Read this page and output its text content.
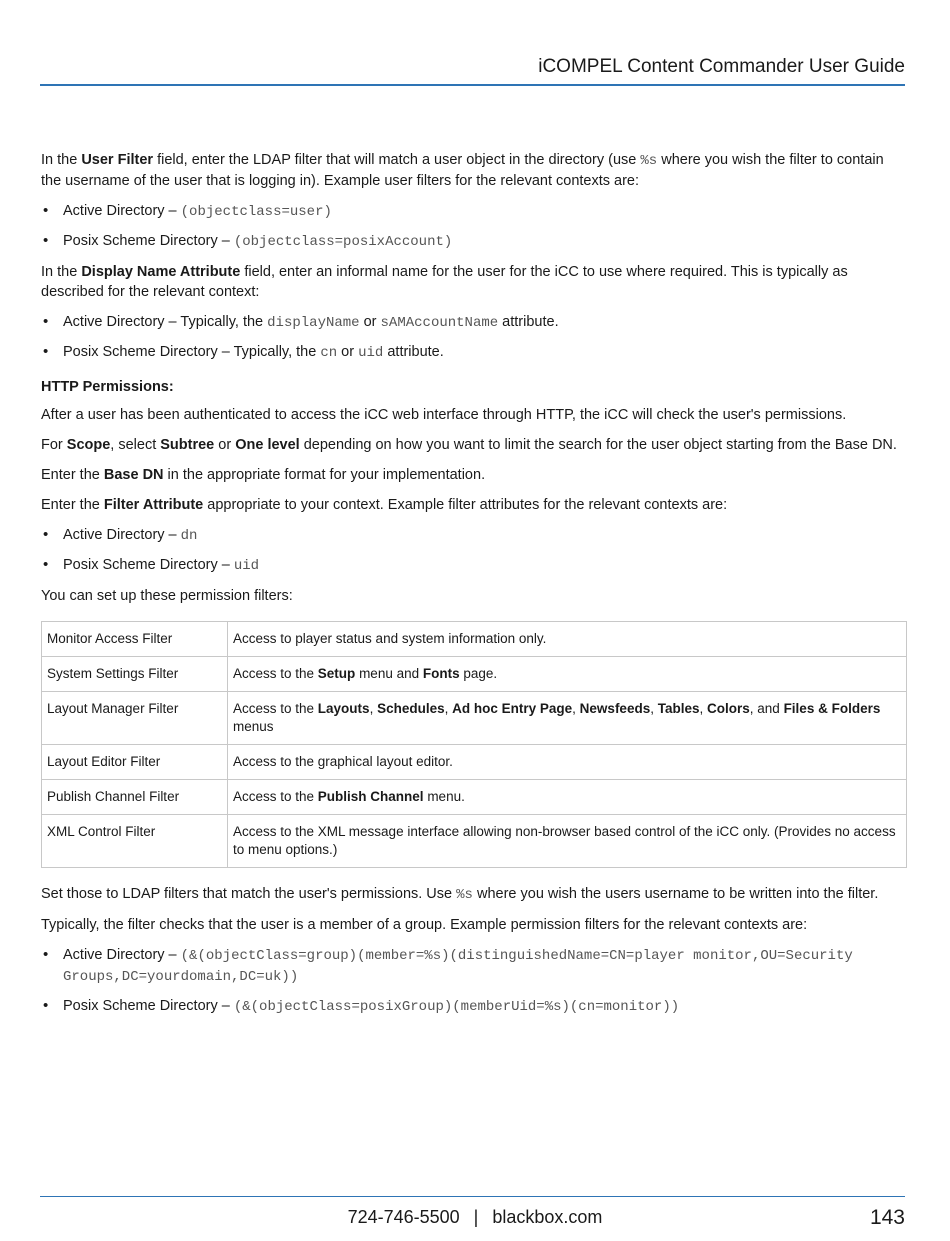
iCOMPEL Content Commander User Guide

In the User Filter field, enter the LDAP filter that will match a user object in the directory (use %s where you wish the filter to contain the username of the user that is logging in). Example user filters for the relevant contexts are:

• Active Directory – (objectclass=user)
• Posix Scheme Directory – (objectclass=posixAccount)

In the Display Name Attribute field, enter an informal name for the user for the iCC to use where required. This is typically as described for the relevant context:

• Active Directory – Typically, the displayName or sAMAccountName attribute.
• Posix Scheme Directory – Typically, the cn or uid attribute.
HTTP Permissions:

After a user has been authenticated to access the iCC web interface through HTTP, the iCC will check the user's permissions.

For Scope, select Subtree or One level depending on how you want to limit the search for the user object starting from the Base DN.

Enter the Base DN in the appropriate format for your implementation.

Enter the Filter Attribute appropriate to your context. Example filter attributes for the relevant contexts are:

• Active Directory – dn
• Posix Scheme Directory – uid

You can set up these permission filters:

Monitor Access Filter	Access to player status and system information only.
System Settings Filter	Access to the Setup menu and Fonts page.
Layout Manager Filter	Access to the Layouts, Schedules, Ad hoc Entry Page, Newsfeeds, Tables, Colors, and Files & Folders menus
Layout Editor Filter	Access to the graphical layout editor.
Publish Channel Filter	Access to the Publish Channel menu.
XML Control Filter	Access to the XML message interface allowing non-browser based control of the iCC only. (Provides no access to menu options.)

Set those to LDAP filters that match the user's permissions. Use %s where you wish the users username to be written into the filter.

Typically, the filter checks that the user is a member of a group. Example permission filters for the relevant contexts are:

• Active Directory – (&(objectClass=group)(member=%s)(distinguishedName=CN=player monitor,OU=Security Groups,DC=yourdomain,DC=uk))
• Posix Scheme Directory – (&(objectClass=posixGroup)(memberUid=%s)(cn=monitor))
724-746-5500 | blackbox.com	143
